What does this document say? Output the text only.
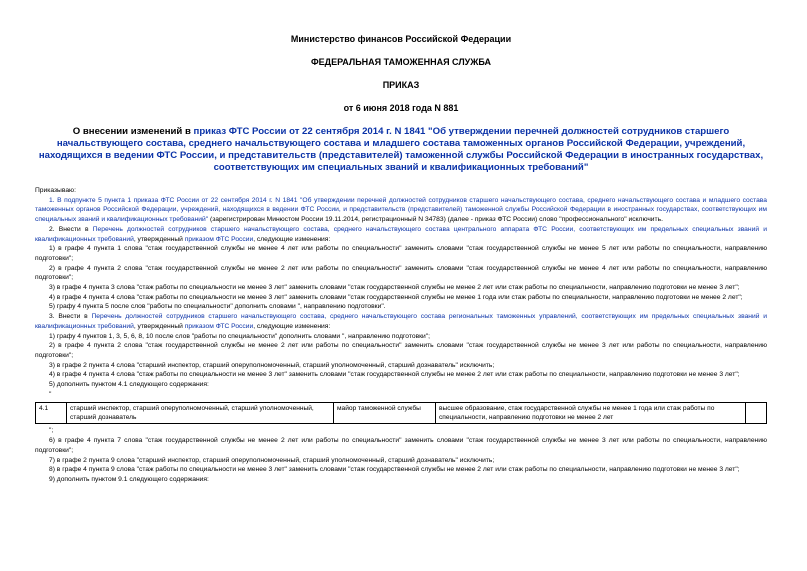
Министерство финансов Российской Федерации
ФЕДЕРАЛЬНАЯ ТАМОЖЕННАЯ СЛУЖБА
ПРИКАЗ
от 6 июня 2018 года N 881
О внесении изменений в приказ ФТС России от 22 сентября 2014 г. N 1841 "Об утверждении перечней должностей сотрудников старшего начальствующего состава, среднего начальствующего состава и младшего состава таможенных органов Российской Федерации, учреждений, находящихся в ведении ФТС России, и представительств (представителей) таможенной службы Российской Федерации в иностранных государствах, соответствующих им специальных званий и квалификационных требований"

Приказываю:

1. В подпункте 5 пункта 1 приказа ФТС России от 22 сентября 2014 г. N 1841 "Об утверждении перечней должностей сотрудников старшего начальствующего состава, среднего начальствующего состава и младшего состава таможенных органов Российской Федерации, учреждений, находящихся в ведении ФТС России, и представительств (представителей) таможенной службы Российской Федерации в иностранных государствах, соответствующих им специальных званий и квалификационных требований" (зарегистрирован Минюстом России 19.11.2014, регистрационный N 34783) (далее - приказ ФТС России) слово "профессионального" исключить.

2. Внести в Перечень должностей сотрудников старшего начальствующего состава, среднего начальствующего состава центрального аппарата ФТС России, соответствующих им предельных специальных званий и квалификационных требований, утвержденный приказом ФТС России, следующие изменения:

1) в графе 4 пункта 1 слова "стаж государственной службы не менее 4 лет или работы по специальности" заменить словами "стаж государственной службы не менее 5 лет или работы по специальности, направлению подготовки";

2) в графе 4 пункта 2 слова "стаж государственной службы не менее 2 лет или работы по специальности" заменить словами "стаж государственной службы не менее 4 лет или работы по специальности, направлению подготовки";

3) в графе 4 пункта 3 слова "стаж работы по специальности не менее 3 лет" заменить словами "стаж государственной службы не менее 2 лет или стаж работы по специальности, направлению подготовки не менее 3 лет";

4) в графе 4 пункта 4 слова "стаж работы по специальности не менее 3 лет" заменить словами "стаж государственной службы не менее 1 года или стаж работы по специальности, направлению подготовки не менее 2 лет";

5) графу 4 пункта 5 после слов "работы по специальности" дополнить словами ", направлению подготовки".

3. Внести в Перечень должностей сотрудников старшего начальствующего состава, среднего начальствующего состава региональных таможенных управлений, соответствующих им предельных специальных званий и квалификационных требований, утвержденный приказом ФТС России, следующие изменения:

1) графу 4 пунктов 1, 3, 5, 6, 8, 10 после слов "работы по специальности" дополнить словами ", направлению подготовки";

2) в графе 4 пункта 2 слова "стаж государственной службы не менее 2 лет или работы по специальности" заменить словами "стаж государственной службы не менее 3 лет или работы по специальности, направлению подготовки";

3) в графе 2 пункта 4 слова "старший инспектор, старший оперуполномоченный, старший уполномоченный, старший дознаватель" исключить;

4) в графе 4 пункта 4 слова "стаж работы по специальности не менее 3 лет" заменить словами "стаж государственной службы не менее 2 лет или стаж работы по специальности, направлению подготовки не менее 3 лет";

5) дополнить пунктом 4.1 следующего содержания:

"

4.1	старший инспектор, старший оперуполномоченный, старший уполномоченный, старший дознаватель	майор таможенной службы	высшее образование, стаж государственной службы не менее 1 года или стаж работы по специальности, направлению подготовки не менее 2 лет	

";

6) в графе 4 пункта 7 слова "стаж государственной службы не менее 2 лет или работы по специальности" заменить словами "стаж государственной службы не менее 3 лет или работы по специальности, направлению подготовки";

7) в графе 2 пункта 9 слова "старший инспектор, старший оперуполномоченный, старший уполномоченный, старший дознаватель" исключить;

8) в графе 4 пункта 9 слова "стаж работы по специальности не менее 3 лет" заменить словами "стаж государственной службы не менее 2 лет или стаж работы по специальности, направлению подготовки не менее 3 лет";

9) дополнить пунктом 9.1 следующего содержания:
